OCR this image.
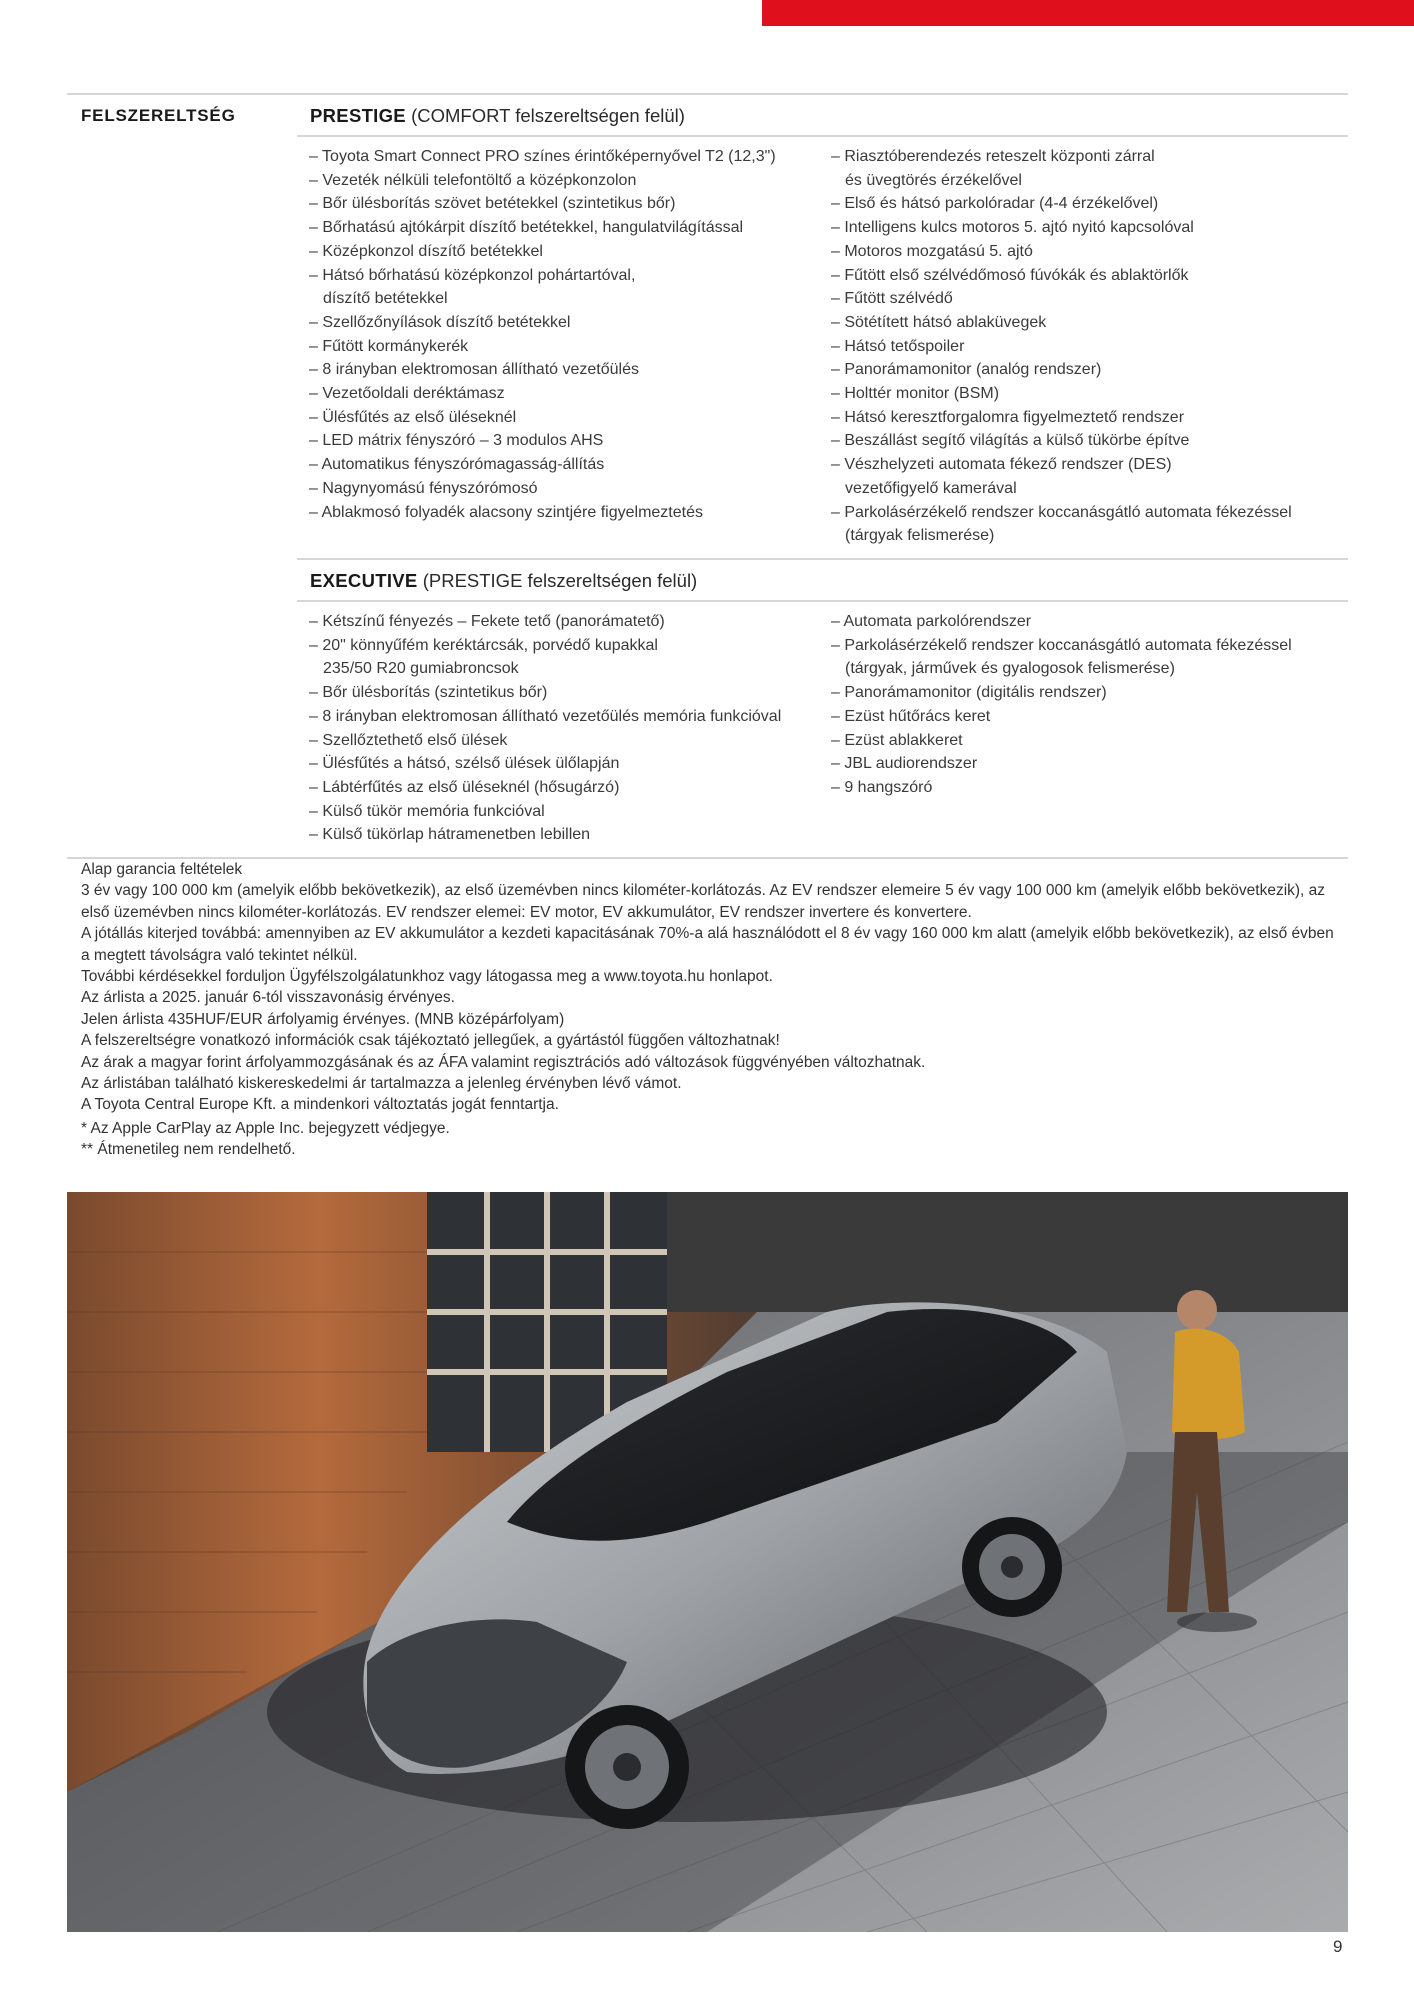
FELSZERELTSÉG	PRESTIGE (COMFORT felszereltségen felül)
– Toyota Smart Connect PRO színes érintőképernyővel T2 (12,3")
– Vezeték nélküli telefontöltő a középkonzolon
– Bőr ülésborítás szövet betétekkel (szintetikus bőr)
– Bőrhatású ajtókárpit díszítő betétekkel, hangulatvilágítással
– Középkonzol díszítő betétekkel
– Hátsó bőrhatású középkonzol pohártartóval,
díszítő betétekkel
– Szellőzőnyílások díszítő betétekkel
– Fűtött kormánykerék
– 8 irányban elektromosan állítható vezetőülés
– Vezetőoldali deréktámasz
– Ülésfűtés az első üléseknél
– LED mátrix fényszóró – 3 modulos AHS
– Automatikus fényszórómagasság-állítás
– Nagynyomású fényszórómosó
– Ablakmosó folyadék alacsony szintjére figyelmeztetés
– Riasztóberendezés reteszelt központi zárral
és üvegtörés érzékelővel
– Első és hátsó parkolóradar (4-4 érzékelővel)
– Intelligens kulcs motoros 5. ajtó nyitó kapcsolóval
– Motoros mozgatású 5. ajtó
– Fűtött első szélvédőmosó fúvókák és ablaktörlők
– Fűtött szélvédő
– Sötétített hátsó ablaküvegek
– Hátsó tetőspoiler
– Panorámamonitor (analóg rendszer)
– Holttér monitor (BSM)
– Hátsó keresztforgalomra figyelmeztető rendszer
– Beszállást segítő világítás a külső tükörbe építve
– Vészhelyzeti automata fékező rendszer (DES)
vezetőfigyelő kamerával
– Parkolásérzékelő rendszer koccanásgátló automata fékezéssel
(tárgyak felismerése)
EXECUTIVE (PRESTIGE felszereltségen felül)
– Kétszínű fényezés – Fekete tető (panorámatető)
– 20" könnyűfém keréktárcsák, porvédő kupakkal
235/50 R20 gumiabroncsok
– Bőr ülésborítás (szintetikus bőr)
– 8 irányban elektromosan állítható vezetőülés memória funkcióval
– Szellőztethető első ülések
– Ülésfűtés a hátsó, szélső ülések ülőlapján
– Lábtérfűtés az első üléseknél (hősugárzó)
– Külső tükör memória funkcióval
– Külső tükörlap hátramenetben lebillen
– Automata parkolórendszer
– Parkolásérzékelő rendszer koccanásgátló automata fékezéssel
(tárgyak, járművek és gyalogosok felismerése)
– Panorámamonitor (digitális rendszer)
– Ezüst hűtőrács keret
– Ezüst ablakkeret
– JBL audiorendszer
– 9 hangszóró

Alap garancia feltételek

3 év vagy 100 000 km (amelyik előbb bekövetkezik), az első üzemévben nincs kilométer-korlátozás. Az EV rendszer elemeire 5 év vagy 100 000 km (amelyik előbb bekövetkezik), az első üzemévben nincs kilométer-korlátozás. EV rendszer elemei: EV motor, EV akkumulátor, EV rendszer invertere és konvertere.

A jótállás kiterjed továbbá: amennyiben az EV akkumulátor a kezdeti kapacitásának 70%-a alá használódott el 8 év vagy 160 000 km alatt (amelyik előbb bekövetkezik), az első évben a megtett távolságra való tekintet nélkül.

További kérdésekkel forduljon Ügyfélszolgálatunkhoz vagy látogassa meg a www.toyota.hu honlapot.

Az árlista a 2025. január 6-tól visszavonásig érvényes.

Jelen árlista 435HUF/EUR árfolyamig érvényes. (MNB középárfolyam)

A felszereltségre vonatkozó információk csak tájékoztató jellegűek, a gyártástól függően változhatnak!

Az árak a magyar forint árfolyammozgásának és az ÁFA valamint regisztrációs adó változások függvényében változhatnak.

Az árlistában található kiskereskedelmi ár tartalmazza a jelenleg érvényben lévő vámot.

A Toyota Central Europe Kft. a mindenkori változtatás jogát fenntartja.

* Az Apple CarPlay az Apple Inc. bejegyzett védjegye.

** Átmenetileg nem rendelhető.

9
